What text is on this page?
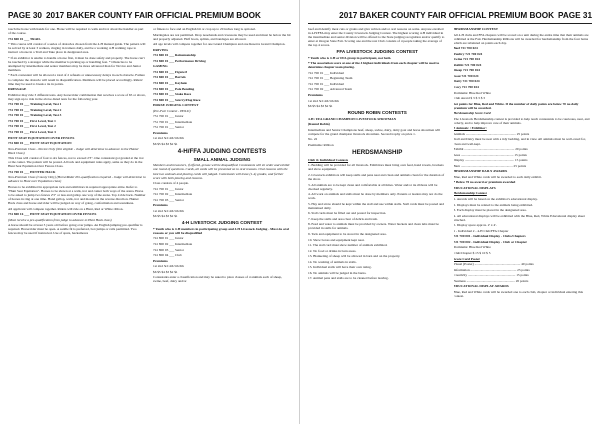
PAGE 30 2017 BAKER COUNTY FAIR OFFICIAL PREMIUM BOOK

touch the horse with hands for one. Horse will be required to walk and trot about the handler as part of the course.

731 800 01 ___ TRAIL

* This course will consist of a series of obstacles chosen from the 4-H manual guide. The pattern will be solved by at least 3 walkers, ringing in trainers daily, and be a working 4-H walking rope to instruct a horse in a Trail and Take place in designated area.

* If an exhibitor is unable to handle a horse first, it must be done safely and properly. The horse can't be touched by a stranger while the member is picking up or handling feet. * Obstacles to be attempted by intermediate and senior members may be more advanced than for Novice and Junior members.

* Each contestant will be allowed a total of 2 refusals or unnecessary delays in each obstacle. Failure to complete the obstacle will result in disqualification. Members will be placed accordingly. Riders' time may be used to break a tie in points.

DRESSAGE

Exhibitor may ride 3 different tests. Any horse/rider combination that receives a score of 65 or above, may sign up to ride in the above-listed tests for the following year.

731 700 01 ___ Training Level, Test 1

731 700 01 ___ Training Level, Test 2

731 700 01 ___ Training Level, Test 3

731 700 01 ___ First Level, Test 1

731 700 01 ___ First Level, Test 2

731 700 01 ___ First Level, Test 3

HUNT SEAT EQUITATION OVER FENCES

731 800 01 ___ HUNT SEAT EQUITATION

Non-Premium Class - Novice Only (Not eligible - Judge will determine to advance to the Hunter Hack Class)

This Class will consist of four to six fences, not to exceed 2'3". One contestant got graded at the trot or the canter. The pattern will be posted. All tack and equipment rules apply, same as they do in the Hunt Seat Equitation Over Fences Class.

731 700 01 ___ HUNTER HACK

Non-Premium Class (County Only) (Horse/Rider Pre-qualification required - Judge will determine to advance to Hunt over Equitation class)

Horses to be exhibited in appropriate tack and exhibitors in required appropriate attire. Refer to "Hunt Seat Equitation". Horses to be shown at a walk, trot and canter both ways of the arena. Horse to be asked to jump two fences 2'3" or less and gallop one way of the arena. Top 4 ride back. Number of horses in ring at one time. Hand gallop, walk, trot and mounts in the reverse direction. Hunter Hack class and horse and rider will be judged on way of going, conformation and soundness.

All applicant will compete together. Riders will ride on a Hunt, Red or White ribbon.

731 800 16 ___ HUNT SEAT EQUITATION OVER FENCES

(Must receive a pre-qualification from judge to advance to Hunt Hack class)

A horse should be at least 3 years old before going over jumps. An English jumping pre-qualifier is required. Horse/rider must be open. A saddle fit is preferred, box jumps or rails permitted. Two fences may be used if instructed. Use of spurs, hackamores

or fitness to face and an English bit or crop up to 20 inches long is optional.

Martingales are not permitted. Drop nosebands and cavessons may be used and must be below the bit and properly adjusted. Half boots, splints, and bandages are allowed.

All age levels will compete together for one Grand Champion and one Reserve Grand Champion.

DRIVING

731 800 01 ___ Reinsmanship

731 800 01 ___ Performance Driving

GAMING

731 800 01 ___ Figure 8

731 800 01 ___ Barrels

731 800 01 ___ Keyhole

731 800 01 ___ Pole Bending

731 800 01 ___ Stake Race

731 800 01 ___ Scurry/Flag Race

HORSE JUDGING CONTEST

(Pre-Fair Contest - HOLD)

731 700 01 ___ Junior

731 700 01 ___ Intermediate

731 700 01 ___ Senior

Premiums

1st 2nd 3rd 4th 5th 6th

$6 $5 $4 $3 $2 $1

4-H/FFA JUDGING CONTESTS
SMALL ANIMAL JUDGING

Members and treasurers, if offered, grease will be disqualified. Contestants will sit order and exhibit one round of questions. Cards, all cards will be presented on to oral reasons. Oral reasons with the best two animals and placing cards will judged. Contestants will leave (1-4) grades, and further score with both placing and reasons.

Class consists of 4 people.

741 700 01 ___ Junior

741 700 02 ___ Intermediate

741 700 03 ___ Senior

Premiums

1st 2nd 3rd 4th 5th 6th

$6 $5 $4 $3 $2 $1

4-H LIVESTOCK JUDGING CONTEST

* Youth who is 4-H members in participating group and 4-H Livestock Judging - Must do oral reasons or you will be disqualified

741 800 01 ___ Junior

741 800 02 ___ Intermediate

741 800 03 ___ Senior

741 800 04 ___ Club

Premiums

1st 2nd 3rd 4th 5th 6th

$6 $5 $4 $3 $2 $1

Contestants enter a classification and may be asked to place classes of 4 animals each of sheep, swine, beef, dairy and/or

2017 BAKER COUNTY FAIR OFFICIAL PREMIUM BOOK PAGE 31

beef and identify meat cuts or grains and give written and/or oral reasons on some. Anyone enrolled in 4-H/FFA may enter the County Livestock Judging Contest. The highest scoring 4-H individual in the intermediate and senior division will be offered to the State judging recognition and/or qualify to enter at Oregon State Fair. Scoring one and the rest Club consists of 4 people taking the average of the top 4 scores.

FFA LIVESTOCK JUDGING CONTEST

* Youth who is 4-H or FFA group in participant, not both.

* The association score at one of the 4 highest individuals from each chapter will be used to determine chapter team placing.

741 700 01 ___ Individual

741 700 01 ___ Beginning Team

741 700 01 ___ Individual

741 700 02 ___ Advanced Team

Premiums

1st 2nd 3rd 4th 5th 6th

$6 $5 $4 $3 $2 $1

ROUND ROBIN CONTESTS

4-H / FFA GRAND CHAMPION LIVESTOCK SHOWMAN

(Round Robin)

Intermediate and Senior Champions beef, sheep, swine, dairy, dairy goat and horse showmen will compete for the grand champion livestock showman. Second trophy on prize 1.

No. 22

Premiums: Ribbon

HERDSMANSHIP

Club & Individual Contests

1. Bedding will be provided for all livestock. Exhibitors must bring own feed, hand towels, brackets and show equipment.

2. Livestock exhibitors will keep stalls and pens neat and clean and animals clean for the duration of the show.

3. All animals are to be kept clean and comfortable at all times. Water and/or tie ribbons will be checked regularly.

4. All work on animals and stalls must be done by members only. Parents or leaders may not do the work.

5. Hay and straw should be kept within the stall and use within stalls. Stall cards must be posted and maintained daily.

6. Stall cards must be filled out and posted for inspection.

7. Keep the stalls and area clear of debris and trash.

8. Feed and water to animals must be provided by owners. Water buckets and clean tubs must be provided in stalls for animals.

9. Tack and equipment to be stored in the designated area.

10. Show boxes and equipment kept neat.

11. The stall card must show number of animals exhibited.

12. No food or drinks in barn areas.

13. Blanketing of sheep will be allowed in barn and on the property.

14. No washing of animals in stalls.

15. Individual stalls will have their own rating.

16. No animals will be judged in the barns.

17. Animal pens and stalls are to be cleaned before leaving.

HERDSMANSHIP CONTEST

All 4-H clubs and FFA chapters will be scored on a unit during the entire time that their animals are exhibited at the Fair. Herdsmanship Ribbons will be awarded for herdsmanship from the four barns which are tabulated on points each day.

Beef 721 700 024

Poultry 721 700 024

Swine 721 700 024

Rabbit 721 700 024

Sheep 721 700 024

Goat 721 700 024

Dairy 721 700 024

Cavy 721 700 024

Premiums: Blue Red White

Club Award $ 3 $ 3 $ 3

Set points for Blue, Red and White. If the number of daily points are below 70 no daily premium will be awarded.

Herdsmanship Score Card

The Livestock Herdsmanship contest is provided to help teach contestants to be courteous, neat, and orderly, and to help improve care of their animals.

# Animals: / Exhibitor:

Animals ........................................................... 25 points

Stall and Dairy must be neat with a tidy bedding, and in view. All animals must be well-cared for, clean and well-kept.

Exhibit ........................................................... 20 points

Area .............................................................. 15 points

Display .......................................................... 15 points

Barn ............................................................. 25 points

HERDSMANSHIP DAILY AWARDS

Blue, Red and White cards will be awarded to each daily exhibit.

* Below 70 no award or premium awarded

EDUCATIONAL DISPLAYS

Herdsmanship Contest

1. Awards will be based on the exhibitor's educational display.

2. Displays must be related to the animals being exhibited.

3. Each display must be placed in the designated area.

4. All educational displays will be exhibited with the Blue, Red, White Educational display sheet attached.

5. Display space approx. 2' x 4'.

1 - Individual 2 - 4-H Club/FFA Chapter

721 700 001 - Individual Display - Clubs/Chapters

721 700 002 - Individual Display - Club or Chapter

Premiums: Blue Red White

Club/Chapter $ 15 $ 10 $ 5

Score Card Poster

Visual (Poster) ...................................................... 40 points

Information ...................................................... 25 points

Creativity ........................................................ 15 points

Neatness ......................................................... 20 points

EDUCATIONAL DISPLAY AWARDS

Blue, Red and White cards will be awarded one to each club, chapter or individual entering this contest.
